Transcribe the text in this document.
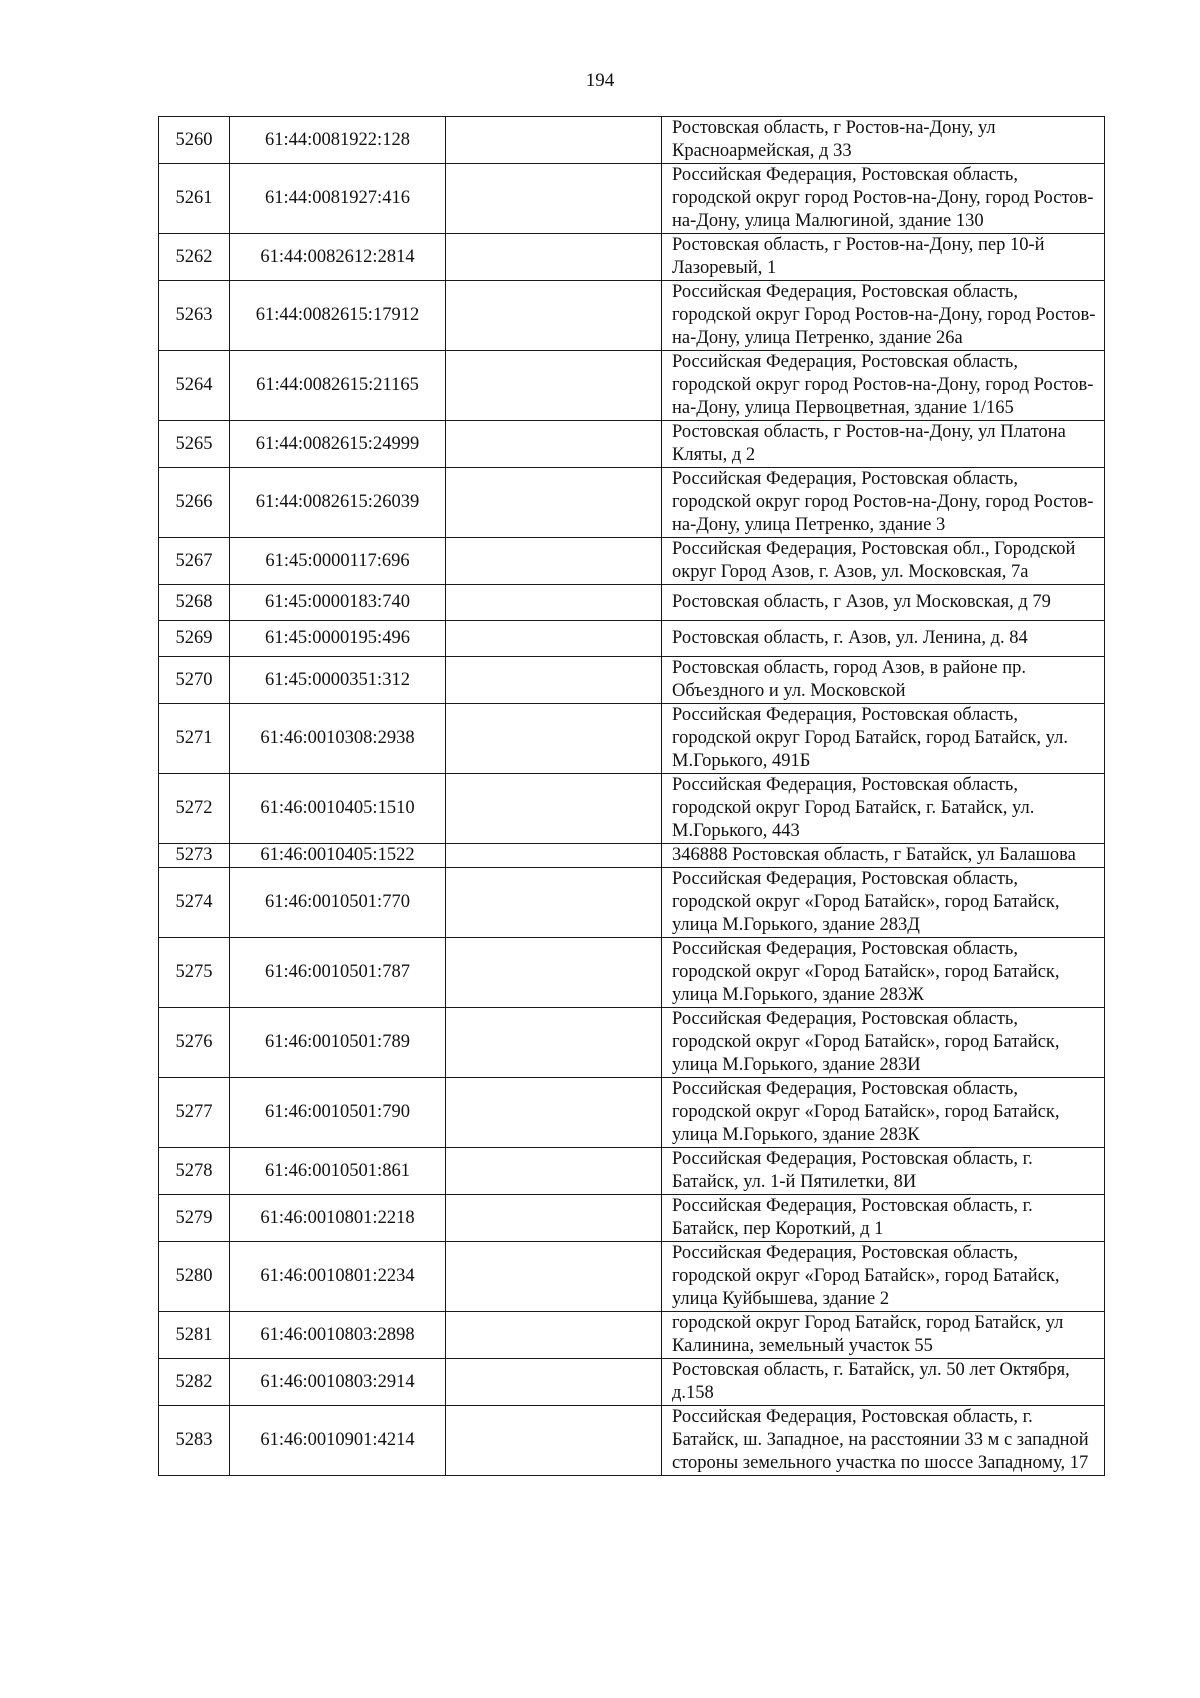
194
5260	61:44:0081922:128		Ростовская область, г Ростов-на-Дону, ул Красноармейская, д 33
5261	61:44:0081927:416		Российская Федерация, Ростовская область, городской округ город Ростов-на-Дону, город Ростов-на-Дону, улица Малюгиной, здание 130
5262	61:44:0082612:2814		Ростовская область, г Ростов-на-Дону, пер 10-й Лазоревый, 1
5263	61:44:0082615:17912		Российская Федерация, Ростовская область, городской округ Город Ростов-на-Дону, город Ростов-на-Дону, улица Петренко, здание 26а
5264	61:44:0082615:21165		Российская Федерация, Ростовская область, городской округ город Ростов-на-Дону, город Ростов-на-Дону, улица Первоцветная, здание 1/165
5265	61:44:0082615:24999		Ростовская область, г Ростов-на-Дону, ул Платона Кляты, д 2
5266	61:44:0082615:26039		Российская Федерация, Ростовская область, городской округ город Ростов-на-Дону, город Ростов-на-Дону, улица Петренко, здание 3
5267	61:45:0000117:696		Российская Федерация, Ростовская обл., Городской округ Город Азов, г. Азов, ул. Московская, 7а
5268	61:45:0000183:740		Ростовская область, г Азов, ул Московская, д 79
5269	61:45:0000195:496		Ростовская область, г. Азов, ул. Ленина, д. 84
5270	61:45:0000351:312		Ростовская область, город Азов, в районе пр. Объездного и ул. Московской
5271	61:46:0010308:2938		Российская Федерация, Ростовская область, городской округ Город Батайск, город Батайск, ул. М.Горького, 491Б
5272	61:46:0010405:1510		Российская Федерация, Ростовская область, городской округ Город Батайск, г. Батайск, ул. М.Горького, 443
5273	61:46:0010405:1522		346888 Ростовская область, г Батайск, ул Балашова
5274	61:46:0010501:770		Российская Федерация, Ростовская область, городской округ «Город Батайск», город Батайск, улица М.Горького, здание 283Д
5275	61:46:0010501:787		Российская Федерация, Ростовская область, городской округ «Город Батайск», город Батайск, улица М.Горького, здание 283Ж
5276	61:46:0010501:789		Российская Федерация, Ростовская область, городской округ «Город Батайск», город Батайск, улица М.Горького, здание 283И
5277	61:46:0010501:790		Российская Федерация, Ростовская область, городской округ «Город Батайск», город Батайск, улица М.Горького, здание 283К
5278	61:46:0010501:861		Российская Федерация, Ростовская область, г. Батайск, ул. 1-й Пятилетки, 8И
5279	61:46:0010801:2218		Российская Федерация, Ростовская область, г. Батайск, пер Короткий, д 1
5280	61:46:0010801:2234		Российская Федерация, Ростовская область, городской округ «Город Батайск», город Батайск, улица Куйбышева, здание 2
5281	61:46:0010803:2898		городской округ Город Батайск, город Батайск, ул Калинина, земельный участок 55
5282	61:46:0010803:2914		Ростовская область, г. Батайск, ул. 50 лет Октября, д.158
5283	61:46:0010901:4214		Российская Федерация, Ростовская область, г. Батайск, ш. Западное, на расстоянии 33 м с западной стороны земельного участка по шоссе Западному, 17
